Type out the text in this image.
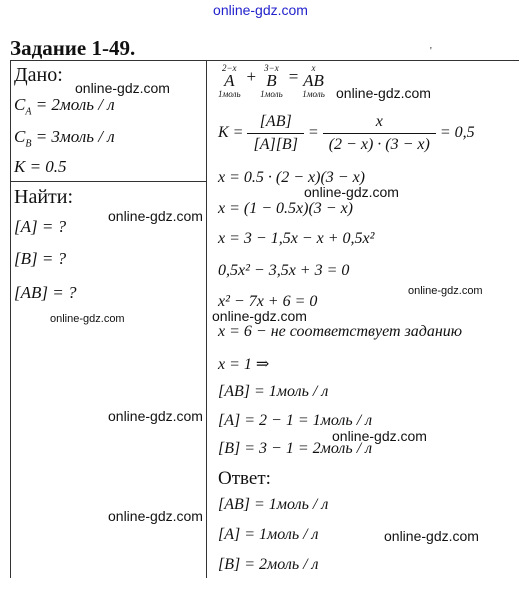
online-gdz.com
Задание 1-49.	'
Дано:
$C_A$ = 2моль / л
$C_B$ = 3моль / л
K = 0.5
Найти:
[A] = ?
[B] = ?
[AB] = ?
2−x
A
1моль
+ 3−x
B
1моль
=	x
AB
1моль
$K = \frac{[AB]}{[A][B]} = \frac{x}{(2 - x) \cdot (3 - x)} = 0,5$
x = 0.5 · (2 − x)(3 − x)
x = (1 − 0.5x)(3 − x)
x = 3 − 1,5x − x + 0,5x²
0,5x² − 3,5x + 3 = 0
x² − 7x + 6 = 0
x = 6 − не соответствует заданию
x = 1 ⇒
[AB] = 1моль / л
[A] = 2 − 1 = 1моль / л
[B] = 3 − 1 = 2моль / л
Ответ:
[AB] = 1моль / л
[A] = 1моль / л
[B] = 2моль / л
online-gdz.com	online-gdz.com
online-gdz.com
online-gdz.com
online-gdz.com
online-gdz.com	online-gdz.com
online-gdz.com
online-gdz.com
online-gdz.com
online-gdz.com
